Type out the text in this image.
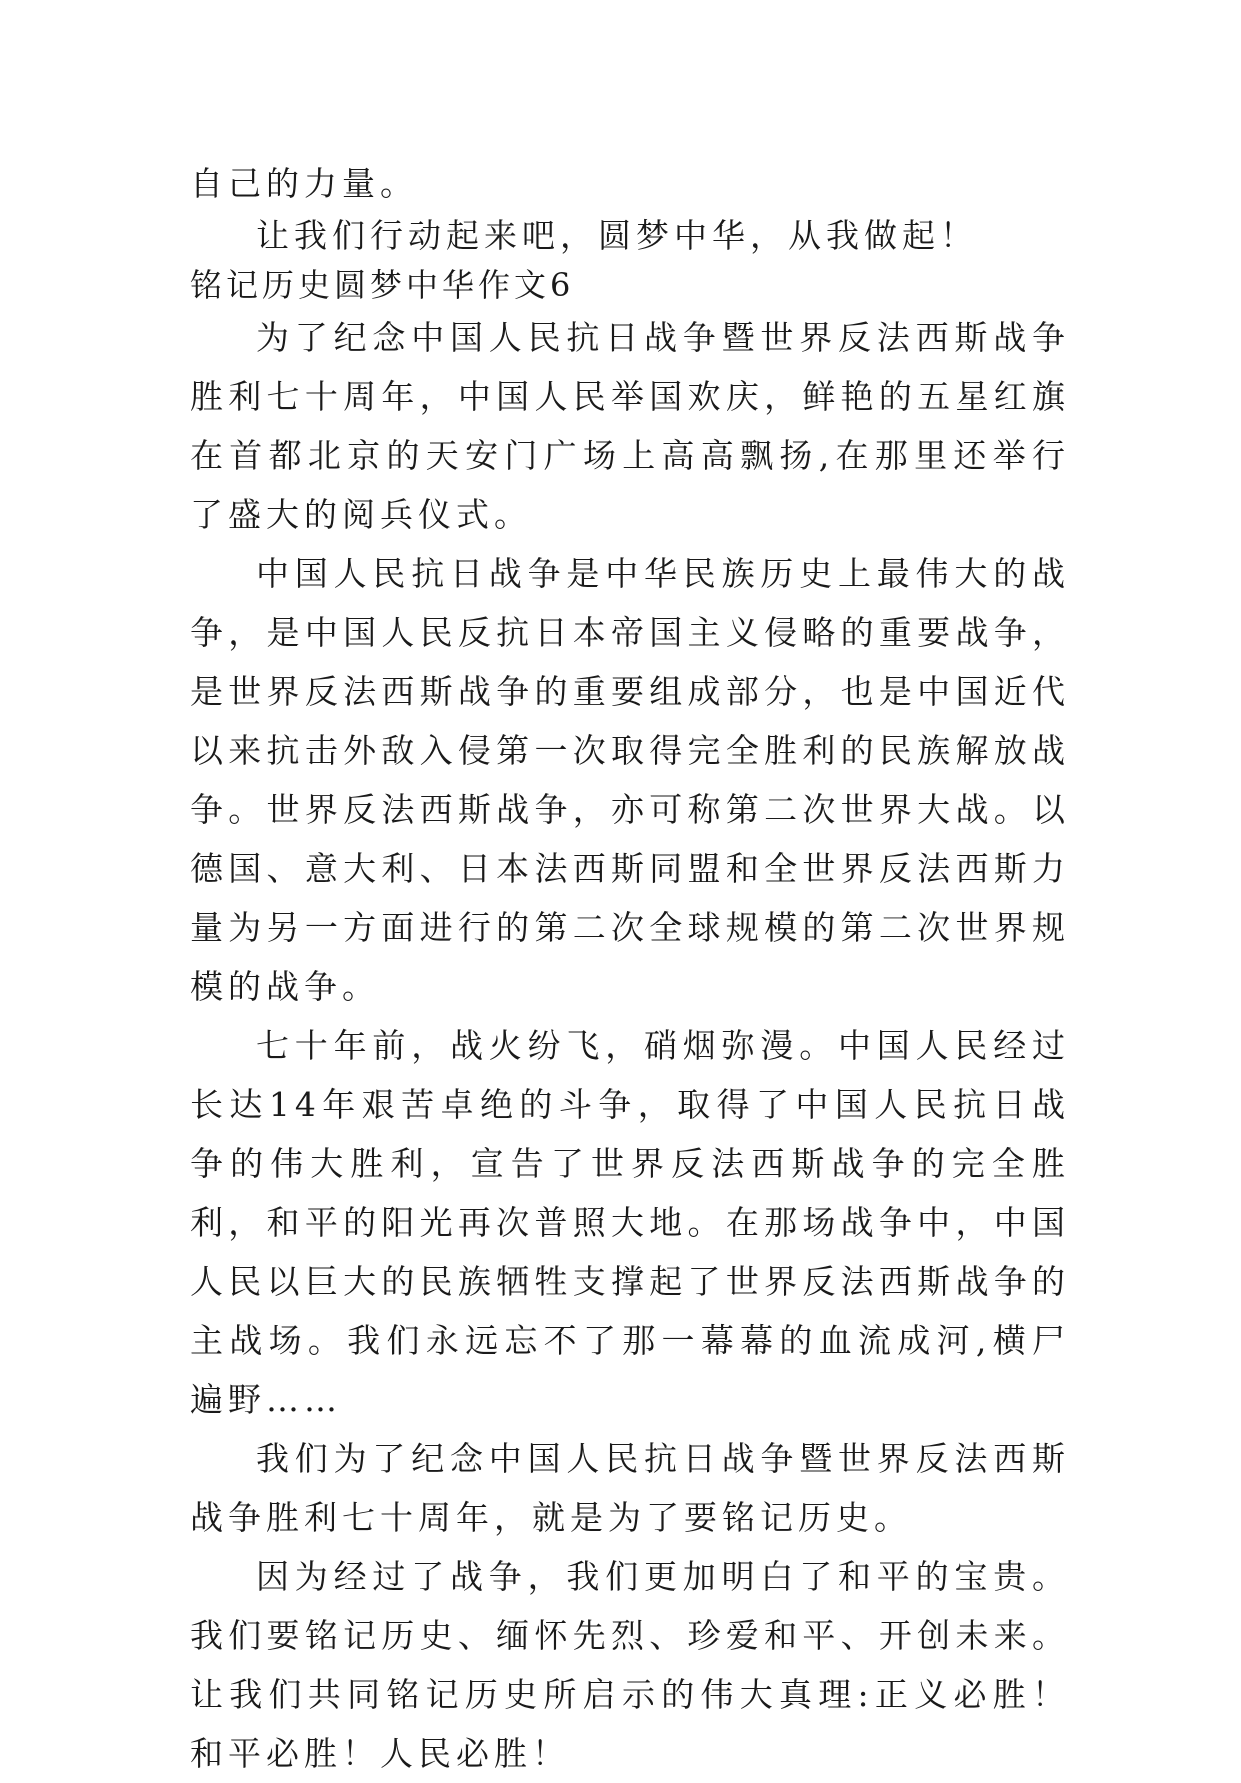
自己的力量。

让我们行动起来吧，圆梦中华，从我做起！

铭记历史圆梦中华作文6

为了纪念中国人民抗日战争暨世界反法西斯战争胜利七十周年，中国人民举国欢庆，鲜艳的五星红旗在首都北京的天安门广场上高高飘扬,在那里还举行了盛大的阅兵仪式。

中国人民抗日战争是中华民族历史上最伟大的战争，是中国人民反抗日本帝国主义侵略的重要战争，是世界反法西斯战争的重要组成部分，也是中国近代以来抗击外敌入侵第一次取得完全胜利的民族解放战争。世界反法西斯战争，亦可称第二次世界大战。以德国、意大利、日本法西斯同盟和全世界反法西斯力量为另一方面进行的第二次全球规模的第二次世界规模的战争。

七十年前，战火纷飞，硝烟弥漫。中国人民经过长达14年艰苦卓绝的斗争，取得了中国人民抗日战争的伟大胜利，宣告了世界反法西斯战争的完全胜利，和平的阳光再次普照大地。在那场战争中，中国人民以巨大的民族牺牲支撑起了世界反法西斯战争的主战场。我们永远忘不了那一幕幕的血流成河,横尸遍野……

我们为了纪念中国人民抗日战争暨世界反法西斯战争胜利七十周年，就是为了要铭记历史。

因为经过了战争，我们更加明白了和平的宝贵。我们要铭记历史、缅怀先烈、珍爱和平、开创未来。让我们共同铭记历史所启示的伟大真理:正义必胜！和平必胜！人民必胜！
